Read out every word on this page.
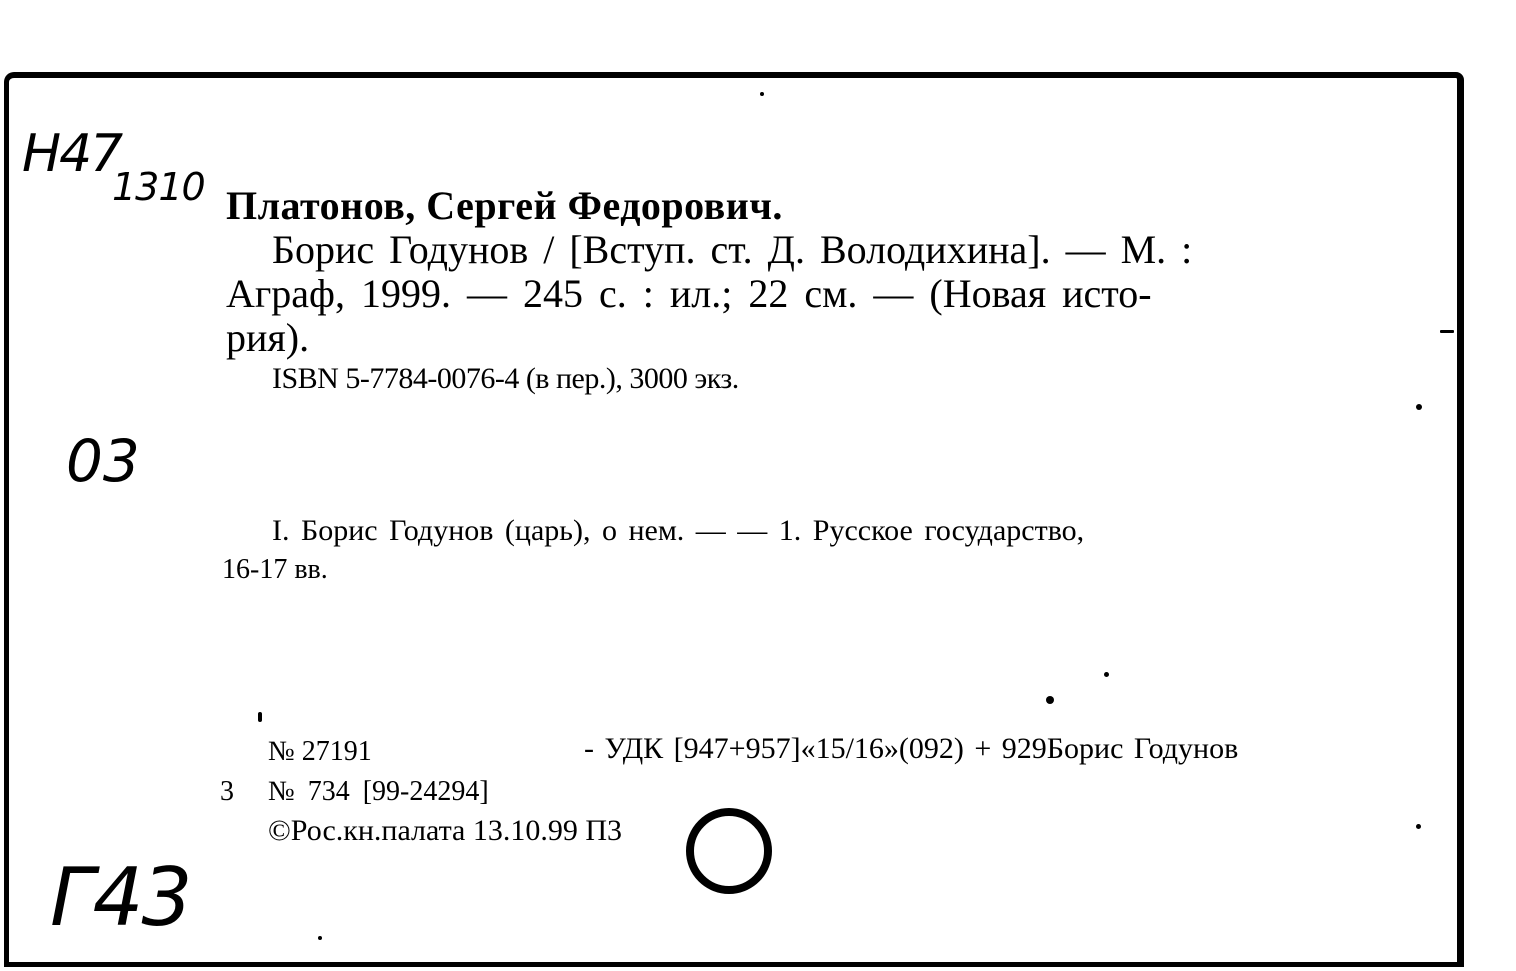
Н47
1310
03
Г43
Платонов, Сергей Федорович.
Борис Годунов / [Вступ. ст. Д. Володихина]. — М. :
Аграф, 1999. — 245 с. : ил.; 22 см. — (Новая исто-
рия).
ISBN 5-7784-0076-4 (в пер.), 3000 экз.
I. Борис Годунов (царь), о нем. — — 1. Русское государство,
16-17 вв.
№ 27191	- УДК [947+957]«15/16»(092) + 929Борис Годунов
3 № 734 [99-24294]
©Рос.кн.палата 13.10.99 П3
